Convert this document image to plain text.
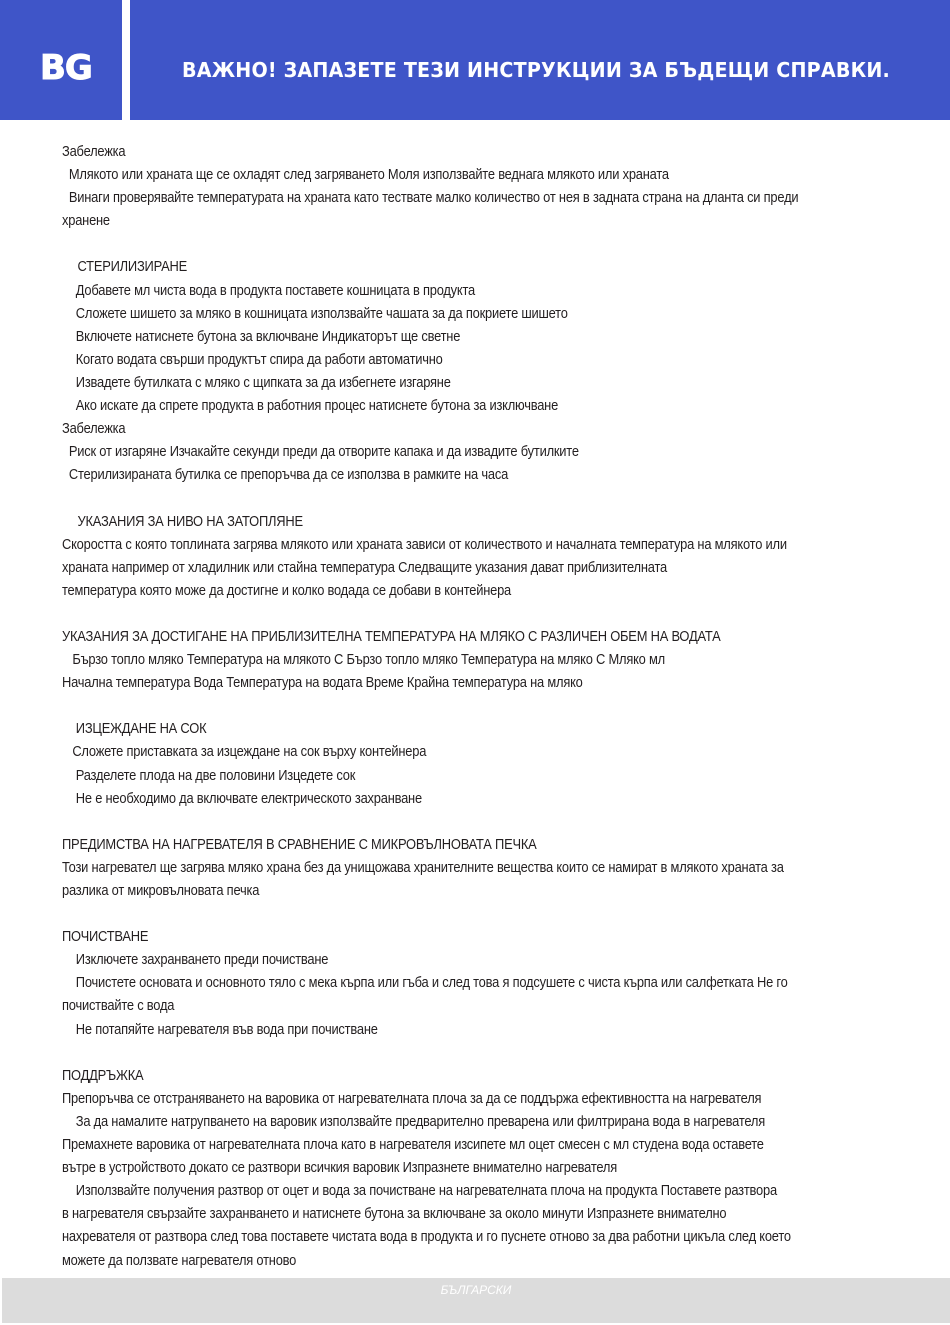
BG	ВАЖНО! ЗАПАЗЕТЕ ТЕЗИ ИНСТРУКЦИИ ЗА БЪДЕЩИ СПРАВКИ.
Забележка
Млякото или храната ще се охладят след загряването Моля използвайте веднага млякото или храната
Винаги проверявайте температурата на храната като тествате малко количество от нея в задната страна на дланта си преди
хранене
СТЕРИЛИЗИРАНЕ
Добавете мл чиста вода в продукта поставете кошницата в продукта
Сложете шишето за мляко в кошницата използвайте чашата за да покриете шишето
Включете натиснете бутона за включване Индикаторът ще светне
Когато водата свърши продуктът спира да работи автоматично
Извадете бутилката с мляко с щипката за да избегнете изгаряне
Ако искате да спрете продукта в работния процес натиснете бутона за изключване
Забележка
Риск от изгаряне Изчакайте секунди преди да отворите капака и да извадите бутилките
Стерилизираната бутилка се препоръчва да се използва в рамките на часа
УКАЗАНИЯ ЗА НИВО НА ЗАТОПЛЯНЕ
Скоростта с която топлината загрява млякото или храната зависи от количеството и началната температура на млякото или
храната например от хладилник или стайна температура Следващите указания дават приблизителната
температура която може да достигне и колко водада се добави в контейнера
УКАЗАНИЯ ЗА ДОСТИГАНЕ НА ПРИБЛИЗИТЕЛНА ТЕМПЕРАТУРА НА МЛЯКО С РАЗЛИЧЕН ОБЕМ НА ВОДАТА
Бързо топло мляко Температура на млякото С Бързо топло мляко Температура на мляко С Мляко мл
Начална температура Вода Температура на водата Време Крайна температура на мляко
ИЗЦЕЖДАНЕ НА СОК
Сложете приставката за изцеждане на сок върху контейнера
Разделете плода на две половини Изцедете сок
Не е необходимо да включвате електрическото захранване
ПРЕДИМСТВА НА НАГРЕВАТЕЛЯ В СРАВНЕНИЕ С МИКРОВЪЛНОВАТА ПЕЧКА
Този нагревател ще загрява мляко храна без да унищожава хранителните вещества които се намират в млякото храната за
разлика от микровълновата печка
ПОЧИСТВАНЕ
Изключете захранването преди почистване
Почистете основата и основното тяло с мека кърпа или гъба и след това я подсушете с чиста кърпа или салфетката Не го
почиствайте с вода
Не потапяйте нагревателя във вода при почистване
ПОДДРЪЖКА
Препоръчва се отстраняването на варовика от нагревателната плоча за да се поддържа ефективността на нагревателя
За да намалите натрупването на варовик използвайте предварително преварена или филтрирана вода в нагревателя
Премахнете варовика от нагревателната плоча като в нагревателя изсипете мл оцет смесен с мл студена вода оставете
вътре в устройството докато се разтвори всичкия варовик Изпразнете внимателно нагревателя
Използвайте получения разтвор от оцет и вода за почистване на нагревателната плоча на продукта Поставете разтвора
в нагревателя свързайте захранването и натиснете бутона за включване за около минути Изпразнете внимателно
нахревателя от разтвора след това поставете чистата вода в продукта и го пуснете отново за два работни цикъла след което
можете да ползвате нагревателя отново
БЪЛГАРСКИ
